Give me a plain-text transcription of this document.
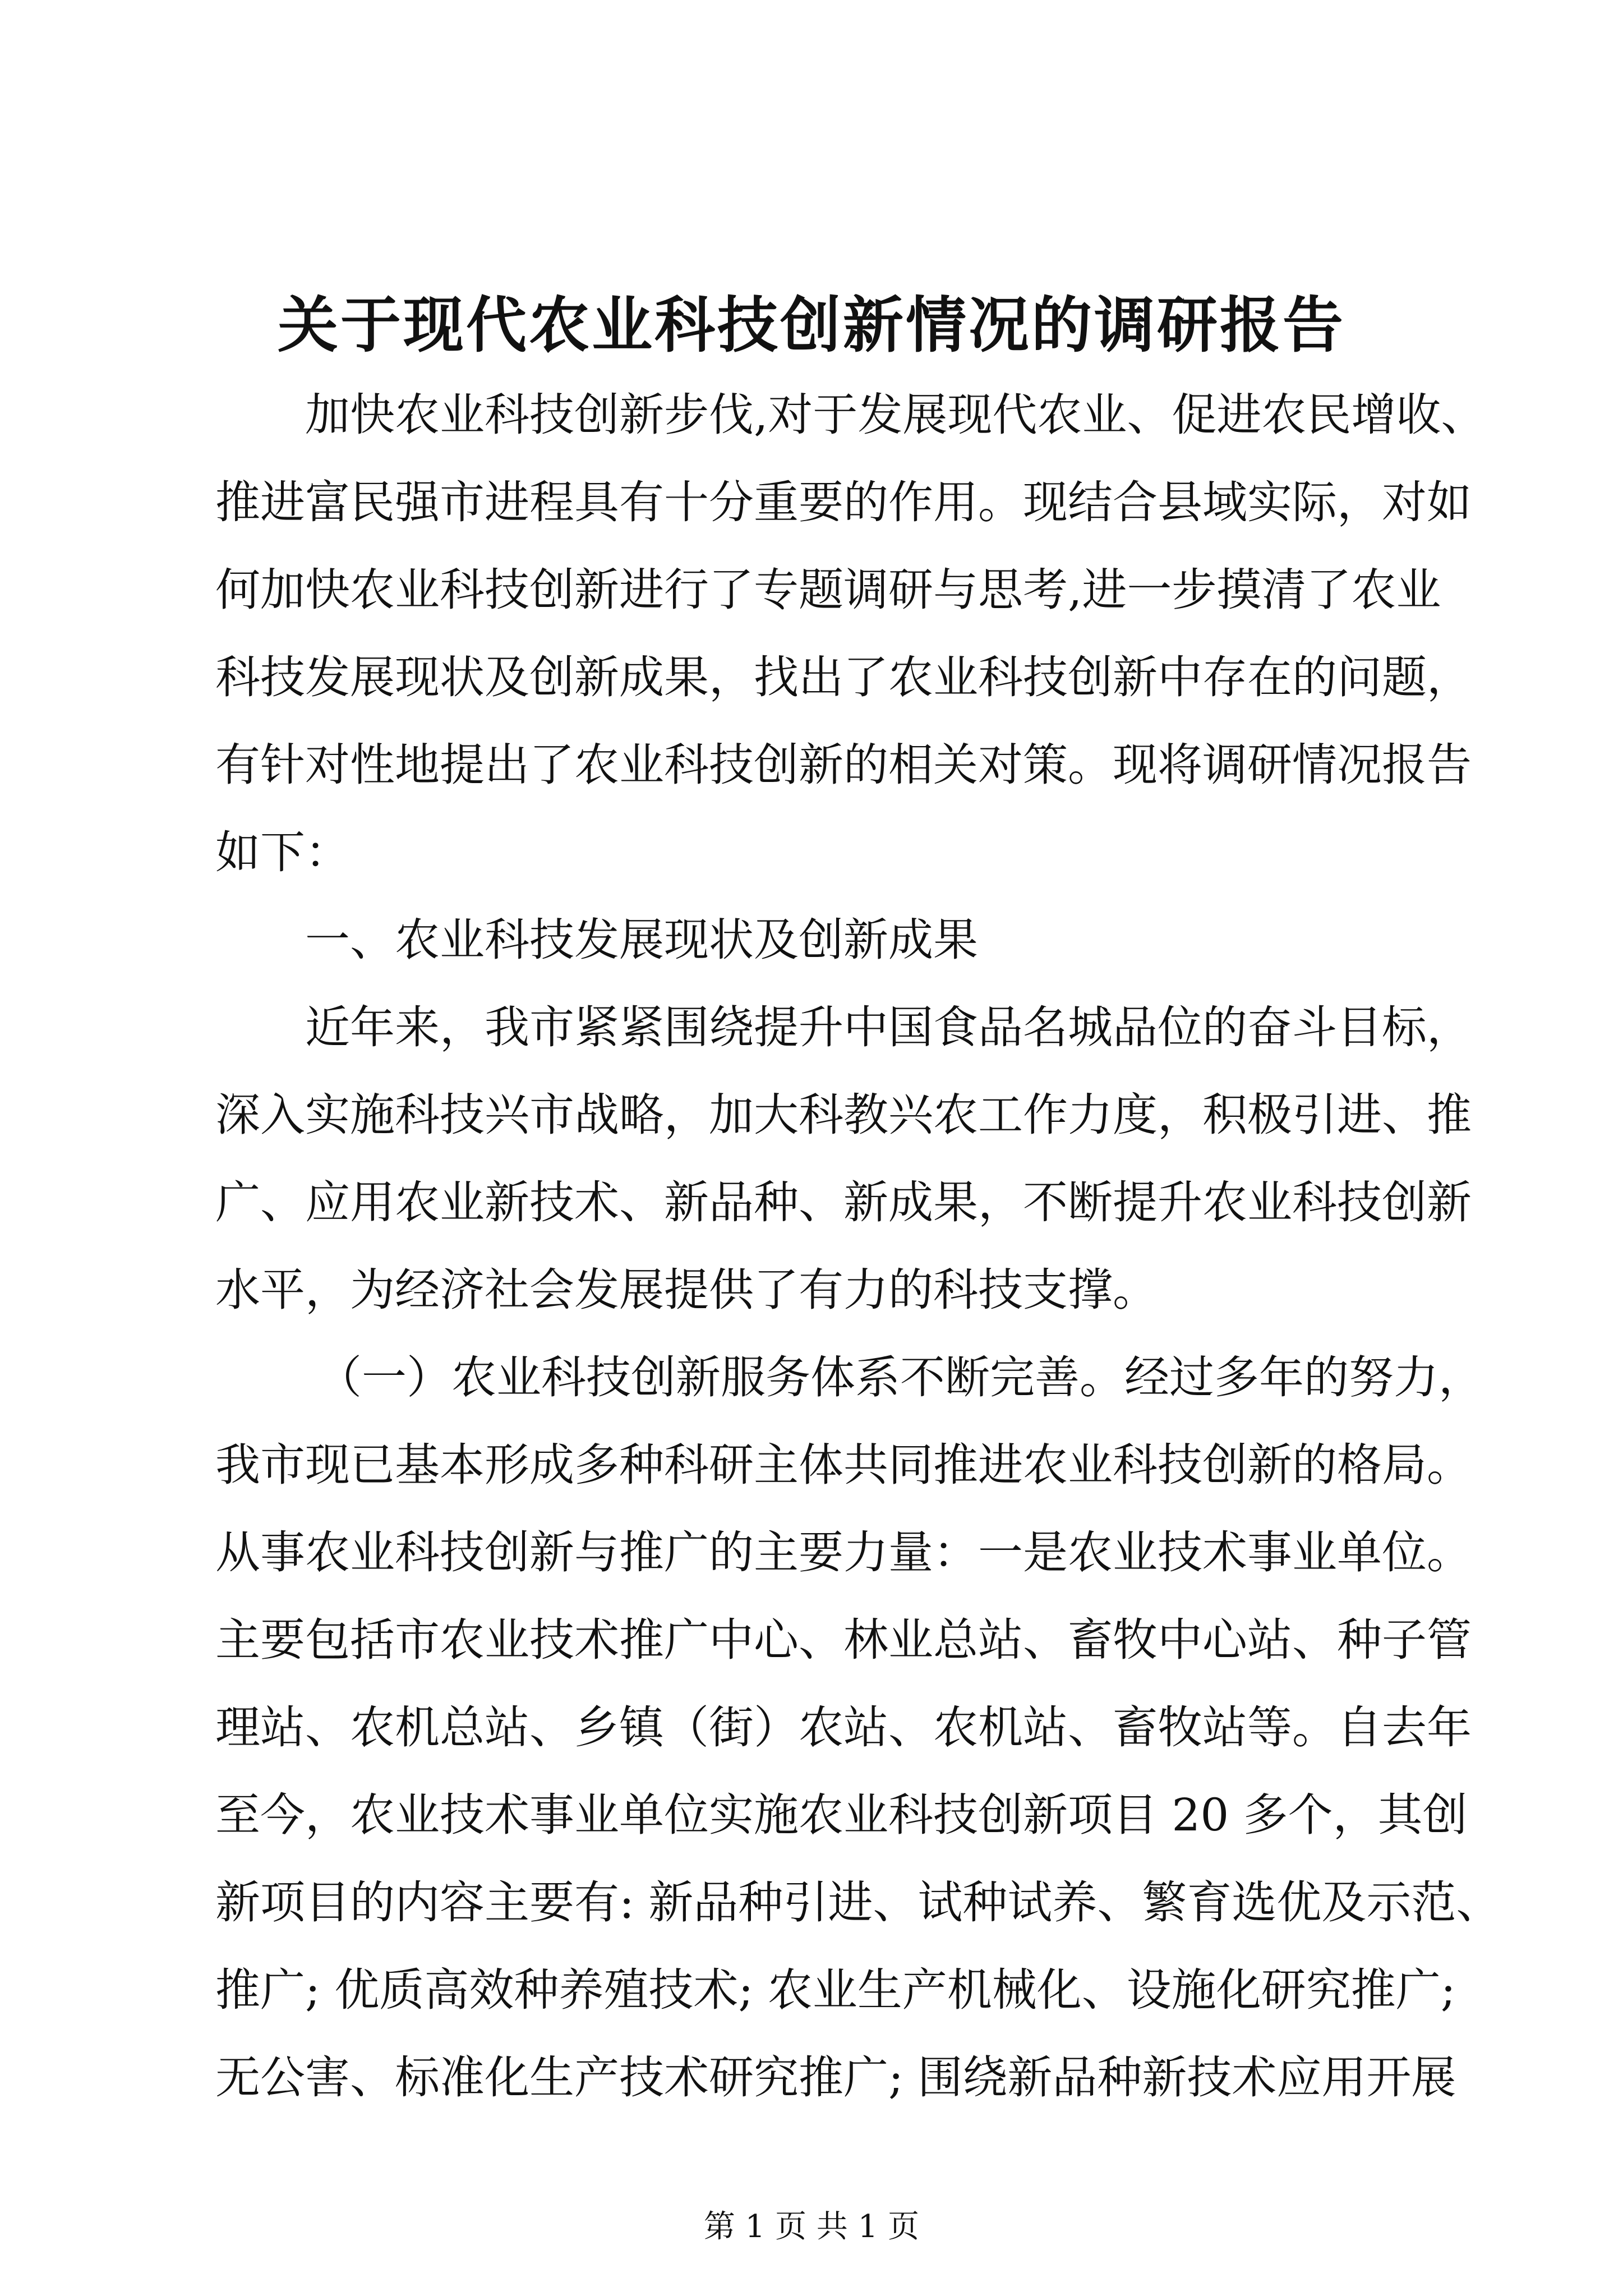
关于现代农业科技创新情况的调研报告
加快农业科技创新步伐,对于发展现代农业、促进农民增收、
推进富民强市进程具有十分重要的作用。现结合县域实际，对如
何加快农业科技创新进行了专题调研与思考,进一步摸清了农业
科技发展现状及创新成果，找出了农业科技创新中存在的问题，
有针对性地提出了农业科技创新的相关对策。现将调研情况报告
如下：
一、农业科技发展现状及创新成果
近年来，我市紧紧围绕提升中国食品名城品位的奋斗目标，
深入实施科技兴市战略，加大科教兴农工作力度，积极引进、推
广、应用农业新技术、新品种、新成果，不断提升农业科技创新
水平，为经济社会发展提供了有力的科技支撑。
（一）农业科技创新服务体系不断完善。经过多年的努力，
我市现已基本形成多种科研主体共同推进农业科技创新的格局。
从事农业科技创新与推广的主要力量：一是农业技术事业单位。
主要包括市农业技术推广中心、林业总站、畜牧中心站、种子管
理站、农机总站、乡镇（街）农站、农机站、畜牧站等。自去年
至今，农业技术事业单位实施农业科技创新项目 20 多个，其创
新项目的内容主要有: 新品种引进、试种试养、繁育选优及示范、
推广; 优质高效种养殖技术; 农业生产机械化、设施化研究推广;
无公害、标准化生产技术研究推广; 围绕新品种新技术应用开展
第 1 页 共 1 页
